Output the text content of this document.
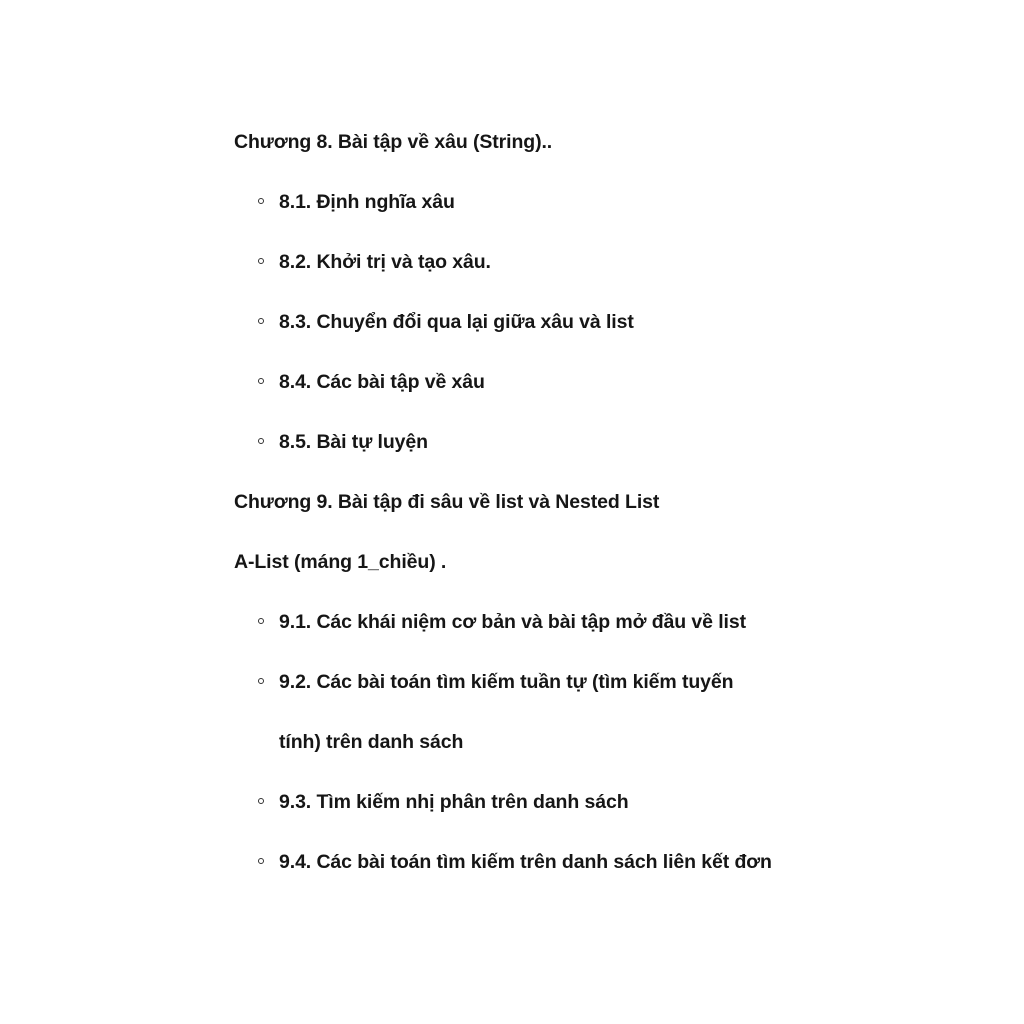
Chương 8. Bài tập về xâu (String)..
8.1. Định nghĩa xâu
8.2. Khởi trị và tạo xâu.
8.3. Chuyển đổi qua lại giữa xâu và list
8.4. Các bài tập về xâu
8.5. Bài tự luyện
Chương 9. Bài tập đi sâu về list và Nested List
A-List (máng 1_chiều) .
9.1. Các khái niệm cơ bản và bài tập mở đầu về list
9.2. Các bài toán tìm kiếm tuần tự (tìm kiếm tuyến
tính) trên danh sách
9.3. Tìm kiếm nhị phân trên danh sách
9.4. Các bài toán tìm kiếm trên danh sách liên kết đơn
